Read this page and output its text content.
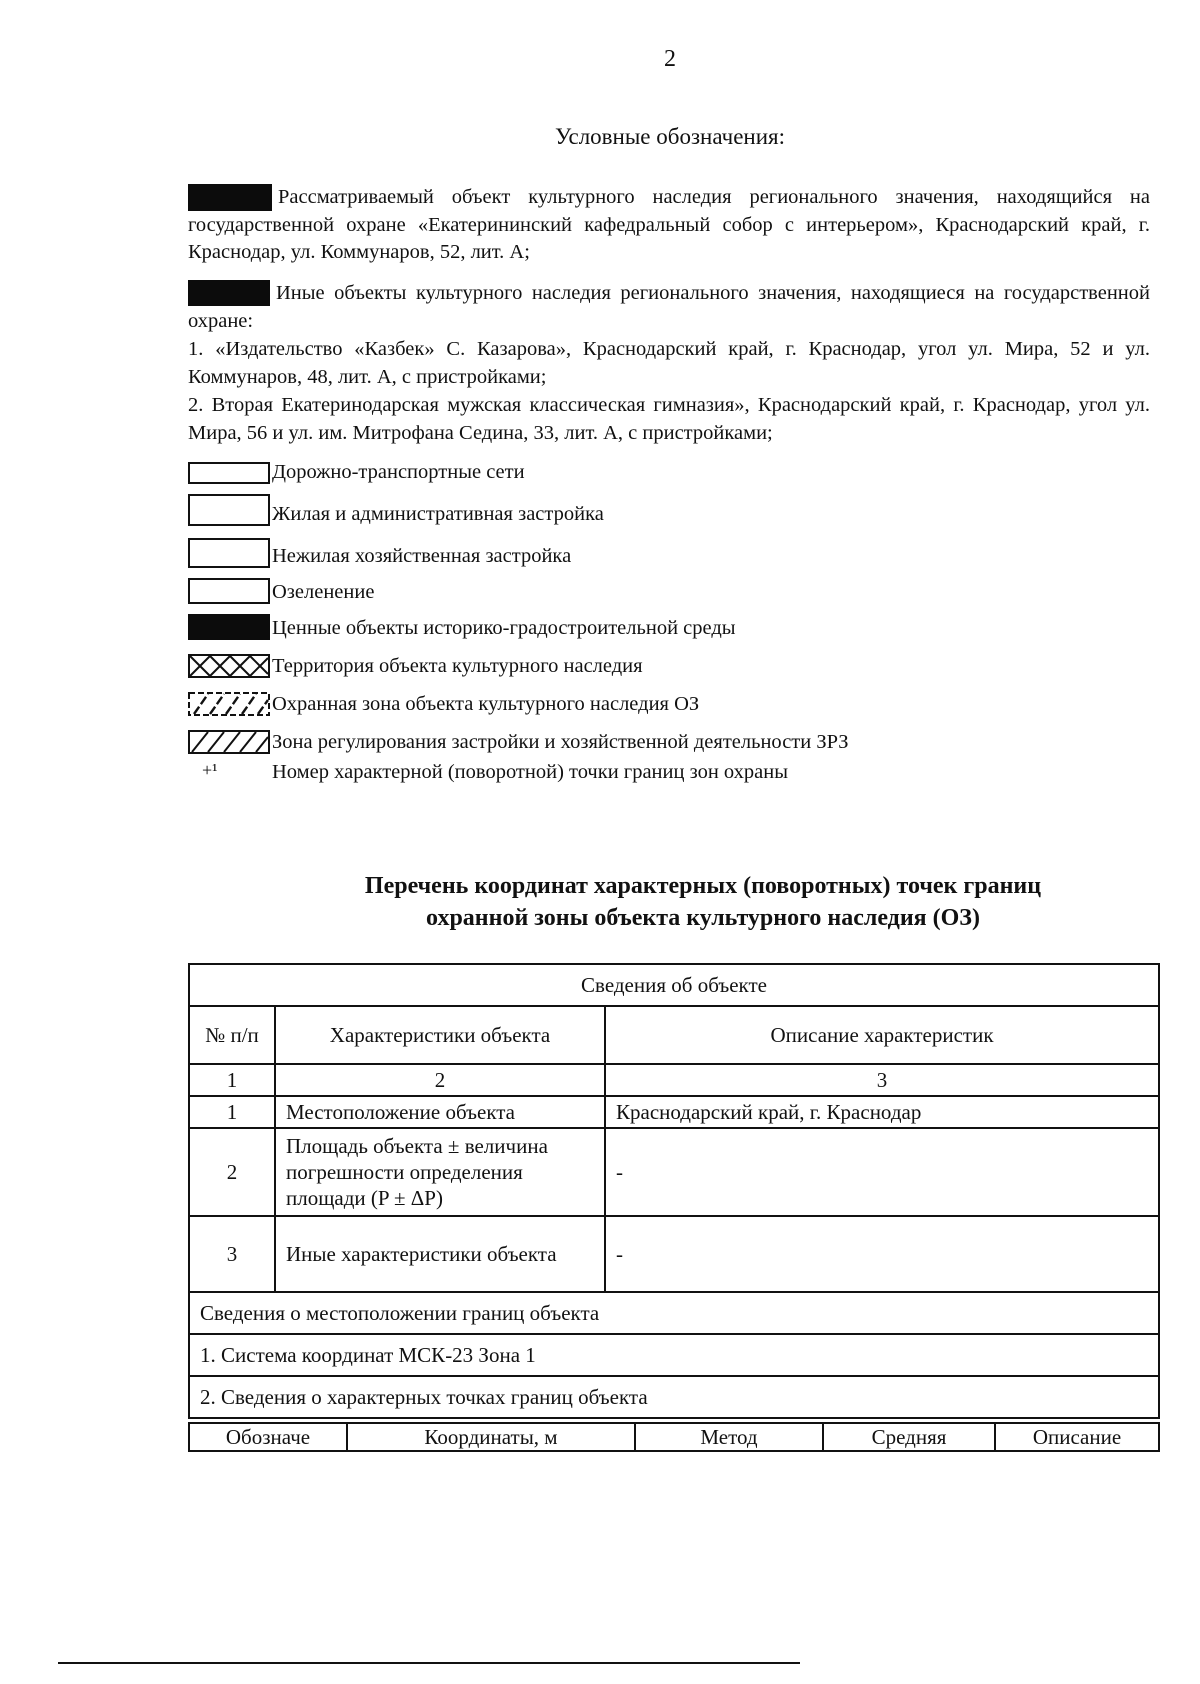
2
Условные обозначения:
Рассматриваемый объект культурного наследия регионального значения, находящийся на государственной охране «Екатерининский кафедральный собор с интерьером», Краснодарский край, г. Краснодар, ул. Коммунаров, 52, лит. А;
Иные объекты культурного наследия регионального значения, находящиеся на государственной охране:
1. «Издательство «Казбек» С. Казарова», Краснодарский край, г. Краснодар, угол ул. Мира, 52 и ул. Коммунаров, 48, лит. А, с пристройками;
2. Вторая Екатеринодарская мужская классическая гимназия», Краснодарский край, г. Краснодар, угол ул. Мира, 56 и ул. им. Митрофана Седина, 33, лит. А, с пристройками;
Дорожно-транспортные сети
Жилая и административная застройка
Нежилая хозяйственная застройка
Озеленение
Ценные объекты историко-градостроительной среды
Территория объекта культурного наследия
Охранная зона объекта культурного наследия ОЗ
Зона регулирования застройки и хозяйственной деятельности ЗРЗ
+¹	Номер характерной (поворотной) точки границ зон охраны
Перечень координат характерных (поворотных) точек границ
охранной зоны объекта культурного наследия (ОЗ)
Сведения об объекте		
№ п/п	Характеристики объекта	Описание характеристик
1	2	3
1	Местоположение объекта	Краснодарский край, г. Краснодар
2	Площадь объекта ± величина погрешности определения площади (P ± ΔP)	-
3	Иные характеристики объекта	-
Сведения о местоположении границ объекта		
1. Система координат МСК-23 Зона 1		
2. Сведения о характерных точках границ объекта		
Обозначе	Координаты, м	Метод	Средняя	Описание
